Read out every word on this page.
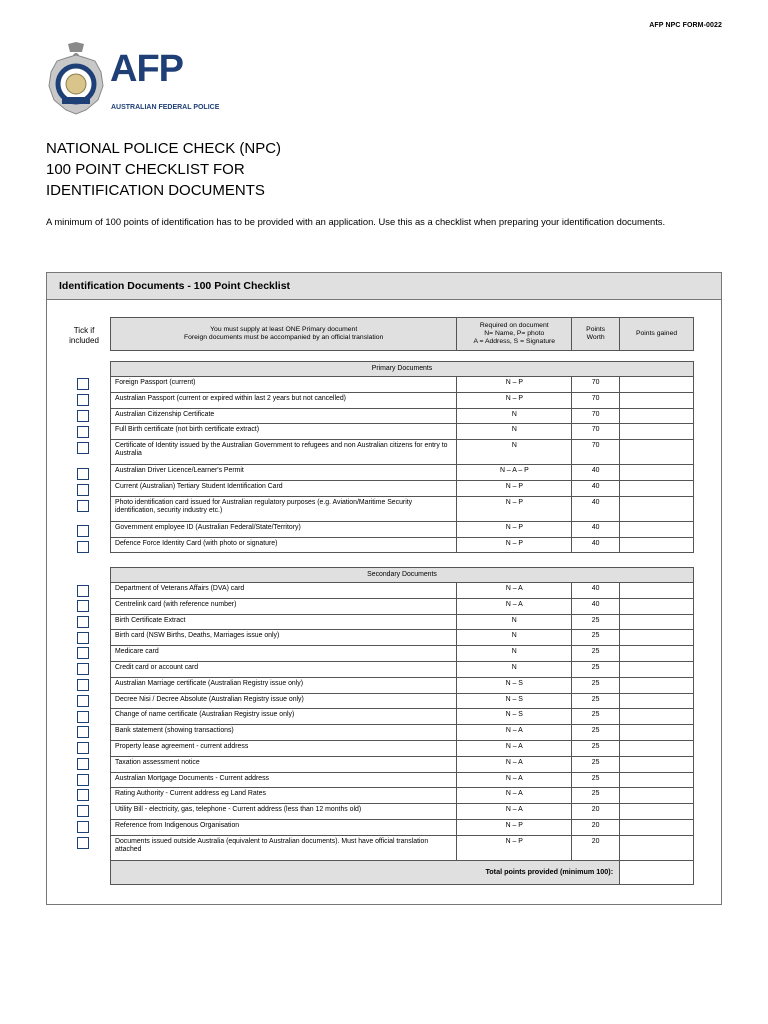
AFP NPC FORM-0022
AFP
AUSTRALIAN FEDERAL POLICE
NATIONAL POLICE CHECK (NPC)
100 POINT CHECKLIST FOR
IDENTIFICATION DOCUMENTS
A minimum of 100 points of identification has to be provided with an application. Use this as a checklist when preparing your identification documents.
Identification Documents - 100 Point Checklist
Tick if included
You must supply at least ONE Primary document
Foreign documents must be accompanied by an official translation

Required on document
N= Name, P= photo
A = Address, S = Signature

Points
Worth
	Points gained
Primary Documents			
Foreign Passport (current)	N – P	70	
Australian Passport (current or expired within last 2 years but not cancelled)	N – P	70	
Australian Citizenship Certificate	N	70	
Full Birth certificate (not birth certificate extract)	N	70	
Certificate of Identity issued by the Australian Government to refugees and non Australian citizens for entry to Australia	N	70	
Australian Driver Licence/Learner's Permit	N – A – P	40	
Current (Australian) Tertiary Student Identification Card	N – P	40	
Photo identification card issued for Australian regulatory purposes (e.g. Aviation/Maritime Security identification, security industry etc.)	N – P	40	
Government employee ID (Australian Federal/State/Territory)	N – P	40	
Defence Force Identity Card (with photo or signature)	N – P	40	
Secondary Documents			
Department of Veterans Affairs (DVA) card	N – A	40	
Centrelink card (with reference number)	N – A	40	
Birth Certificate Extract	N	25	
Birth card (NSW Births, Deaths, Marriages issue only)	N	25	
Medicare card	N	25	
Credit card or account card	N	25	
Australian Marriage certificate (Australian Registry issue only)	N – S	25	
Decree Nisi / Decree Absolute (Australian Registry issue only)	N – S	25	
Change of name certificate (Australian Registry issue only)	N – S	25	
Bank statement (showing transactions)	N – A	25	
Property lease agreement - current address	N – A	25	
Taxation assessment notice	N – A	25	
Australian Mortgage Documents - Current address	N – A	25	
Rating Authority - Current address eg Land Rates	N – A	25	
Utility Bill - electricity, gas, telephone - Current address (less than 12 months old)	N – A	20	
Reference from Indigenous Organisation	N – P	20	
Documents issued outside Australia (equivalent to Australian documents). Must have official translation attached	N – P	20	
Total points provided (minimum 100):			
